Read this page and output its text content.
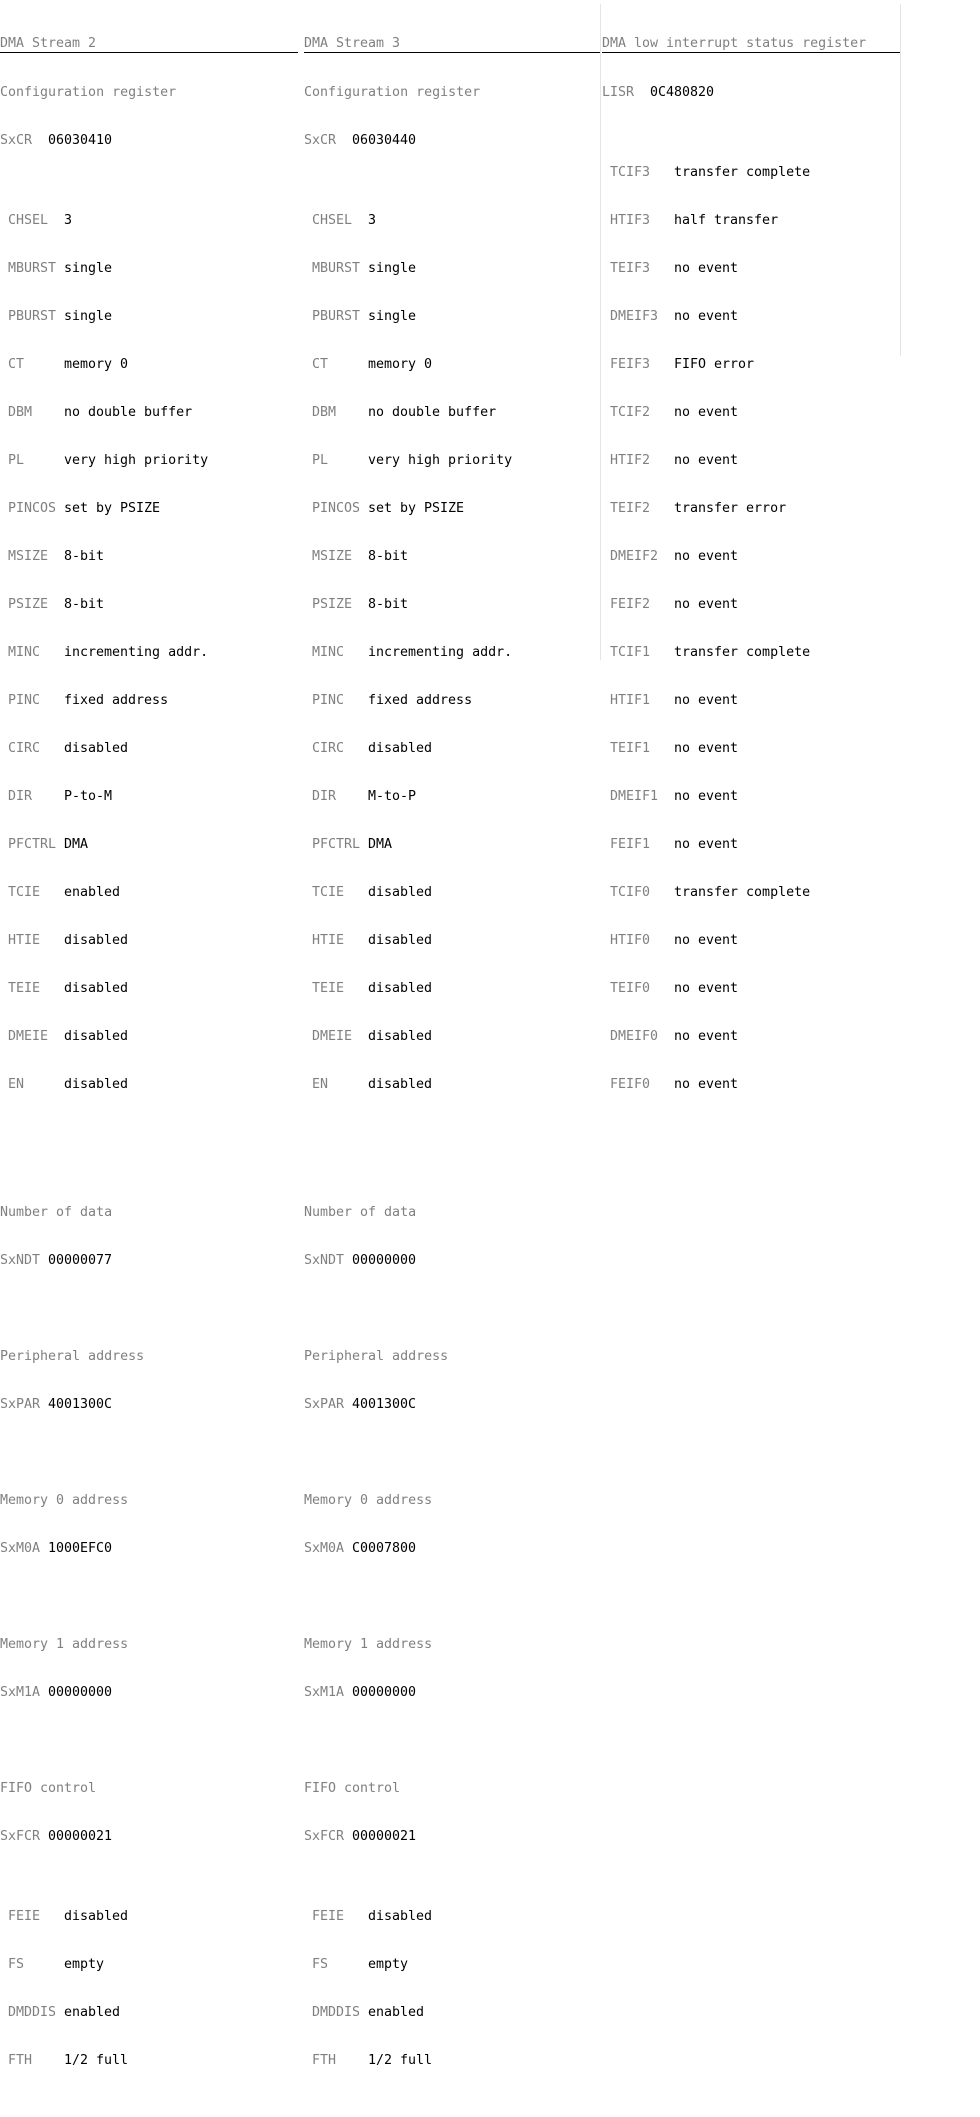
DMA Stream 2

Configuration register

SxCR	06030410

CHSEL	3

MBURST single

PBURST single

CT	memory 0

DBM	no double buffer

PL	very high priority

PINCOS set by PSIZE

MSIZE	8-bit

PSIZE	8-bit

MINC	incrementing addr.

PINC	fixed address

CIRC	disabled

DIR	P-to-M

PFCTRL DMA

TCIE	enabled

HTIE	disabled

TEIE	disabled

DMEIE	disabled

EN	disabled

Number of data

SxNDT 00000077

Peripheral address

SxPAR 4001300C

Memory 0 address

SxM0A 1000EFC0

Memory 1 address

SxM1A 00000000

FIFO control

SxFCR 00000021

FEIE	disabled

FS	empty

DMDDIS enabled

FTH	1/2 full

DMA Stream 3

Configuration register

SxCR	06030440

CHSEL	3

MBURST single

PBURST single

CT	memory 0

DBM	no double buffer

PL	very high priority

PINCOS set by PSIZE

MSIZE	8-bit

PSIZE	8-bit

MINC	incrementing addr.

PINC	fixed address

CIRC	disabled

DIR	M-to-P

PFCTRL DMA

TCIE	disabled

HTIE	disabled

TEIE	disabled

DMEIE	disabled

EN	disabled

Number of data

SxNDT 00000000

Peripheral address

SxPAR 4001300C

Memory 0 address

SxM0A C0007800

Memory 1 address

SxM1A 00000000

FIFO control

SxFCR 00000021

FEIE	disabled

FS	empty

DMDDIS enabled

FTH	1/2 full

DMA low interrupt status register

LISR	0C480820

TCIF3	transfer complete

HTIF3	half transfer

TEIF3	no event

DMEIF3	no event

FEIF3	FIFO error

TCIF2	no event

HTIF2	no event

TEIF2	transfer error

DMEIF2	no event

FEIF2	no event

TCIF1	transfer complete

HTIF1	no event

TEIF1	no event

DMEIF1	no event

FEIF1	no event

TCIF0	transfer complete

HTIF0	no event

TEIF0	no event

DMEIF0	no event

FEIF0	no event
